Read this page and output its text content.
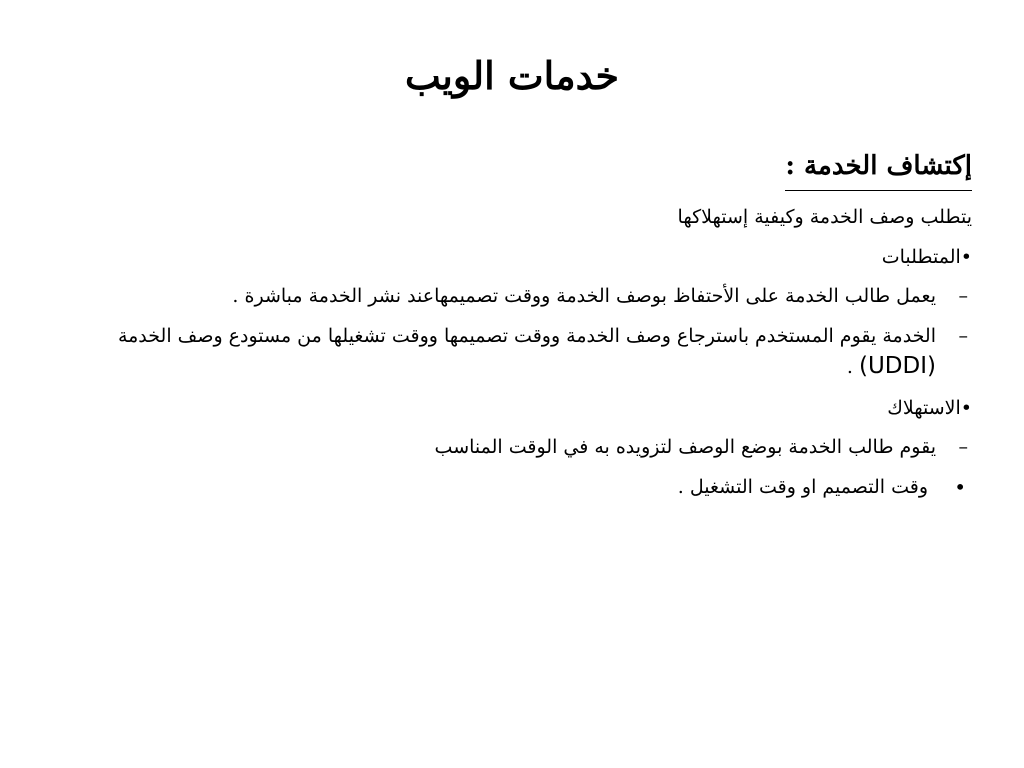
خدمات الويب
إكتشاف الخدمة :
يتطلب وصف الخدمة وكيفية إستهلاكها
•المتطلبات
–
يعمل طالب الخدمة على الأحتفاظ بوصف الخدمة ووقت تصميمهاعند نشر الخدمة مباشرة .
–
الخدمة يقوم المستخدم باسترجاع وصف الخدمة ووقت تصميمها ووقت تشغيلها من مستودع وصف الخدمة (UDDI) .
•الاستهلاك
–
يقوم طالب الخدمة بوضع الوصف لتزويده به في الوقت المناسب
•
وقت التصميم او وقت التشغيل .
